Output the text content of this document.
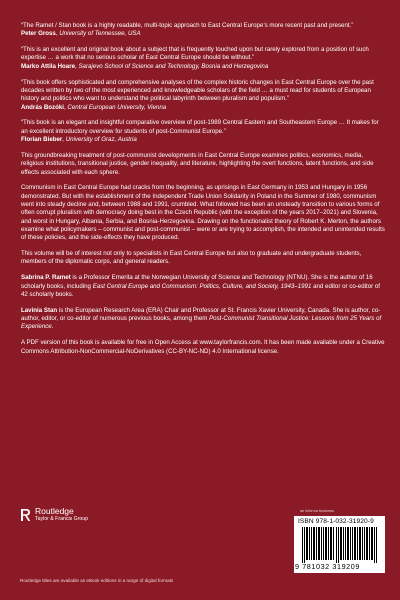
“The Ramet / Stan book is a highly readable, multi-topic approach to East Central Europe’s more recent past and present.”
Peter Gross, University of Tennessee, USA
“This is an excellent and original book about a subject that is frequently touched upon but rarely explored from a position of such expertise … a work that no serious scholar of East Central Europe should be without.”
Marko Attila Hoare, Sarajevo School of Science and Technology, Bosnia and Herzegovina
“This book offers sophisticated and comprehensive analyses of the complex historic changes in East Central Europe over the past decades written by two of the most experienced and knowledgeable scholars of the field … a must read for students of European history and politics who want to understand the political labyrinth between pluralism and populism.”
András Bozóki, Central European University, Vienna
“This book is an elegant and insightful comparative overview of post-1989 Central Eastern and Southeastern Europe … It makes for an excellent introductory overview for students of post-Communist Europe.”
Florian Bieber, University of Graz, Austria

This groundbreaking treatment of post-communist developments in East Central Europe examines politics, economics, media, religious institutions, transitional justice, gender inequality, and literature, highlighting the overt functions, latent functions, and side effects associated with each sphere.

Communism in East Central Europe had cracks from the beginning, as uprisings in East Germany in 1953 and Hungary in 1956 demonstrated. But with the establishment of the Independent Trade Union Solidarity in Poland in the Summer of 1980, communism went into steady decline and, between 1988 and 1991, crumbled. What followed has been an unsteady transition to various forms of often corrupt pluralism with democracy doing best in the Czech Republic (with the exception of the years 2017–2021) and Slovenia, and worst in Hungary, Albania, Serbia, and Bosnia-Herzegovina. Drawing on the functionalist theory of Robert K. Merton, the authors examine what policymakers – communist and post-communist – were or are trying to accomplish, the intended and unintended results of these policies, and the side-effects they have produced.

This volume will be of interest not only to specialists in East Central Europe but also to graduate and undergraduate students, members of the diplomatic corps, and general readers.

Sabrina P. Ramet is a Professor Emerita at the Norwegian University of Science and Technology (NTNU). She is the author of 16 scholarly books, including East Central Europe and Communism: Politics, Culture, and Society, 1943–1991 and editor or co-editor of 42 scholarly books.

Lavinia Stan is the European Research Area (ERA) Chair and Professor at St. Francis Xavier University, Canada. She is author, co-author, editor, or co-editor of numerous previous books, among them Post-Communist Transitional Justice: Lessons from 25 Years of Experience.

A PDF version of this book is available for free in Open Access at www.taylorfrancis.com. It has been made available under a Creative Commons Attribution-NonCommercial-NoDerivatives (CC-BY-NC-ND) 4.0 International license.

Routledge
Taylor & Francis Group
an informa business
ISBN 978-1-032-31920-9
9 781032 319209
Routledge titles are available as eBook editions in a range of digital formats
